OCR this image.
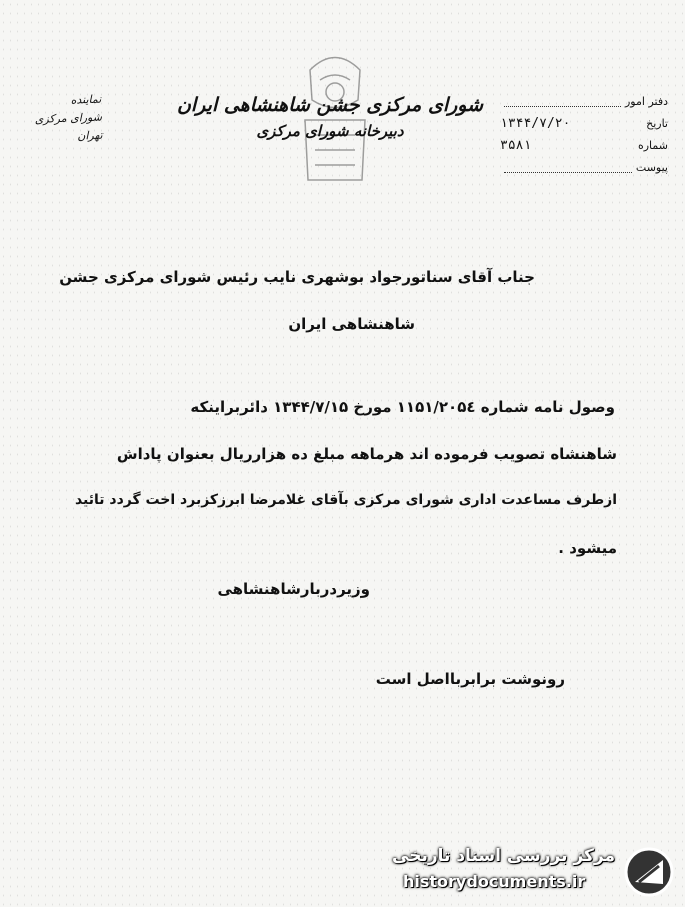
نماینده
شورای مرکزی
تهران
شورای مرکزی جشن شاهنشاهی ایران
دبیرخانه شورای مرکزی
دفتر امور
تاریخ
۱۳۴۴/۷/۲۰
شماره
۳۵۸۱
پیوست
جناب آقای سناتورجواد بوشهری نایب رئیس شورای مرکزی جشن
شاهنشاهی ایران
وصول نامه شماره ۱۱۵۱/۲۰۵٤ مورخ ۱۳۴۴/۷/۱۵ دائربراینکه
شاهنشاه تصویب فرموده اند هرماهه مبلغ ده هزارریال بعنوان پاداش
ازطرف مساعدت اداری شورای مرکزی بآقای غلامرضا ابرزکزبرد اخت گردد تائید
میشود .
وزیردربارشاهنشاهی
رونوشت برابربااصل است
مرکز بررسی اسناد تاریخی
historydocuments.ir
